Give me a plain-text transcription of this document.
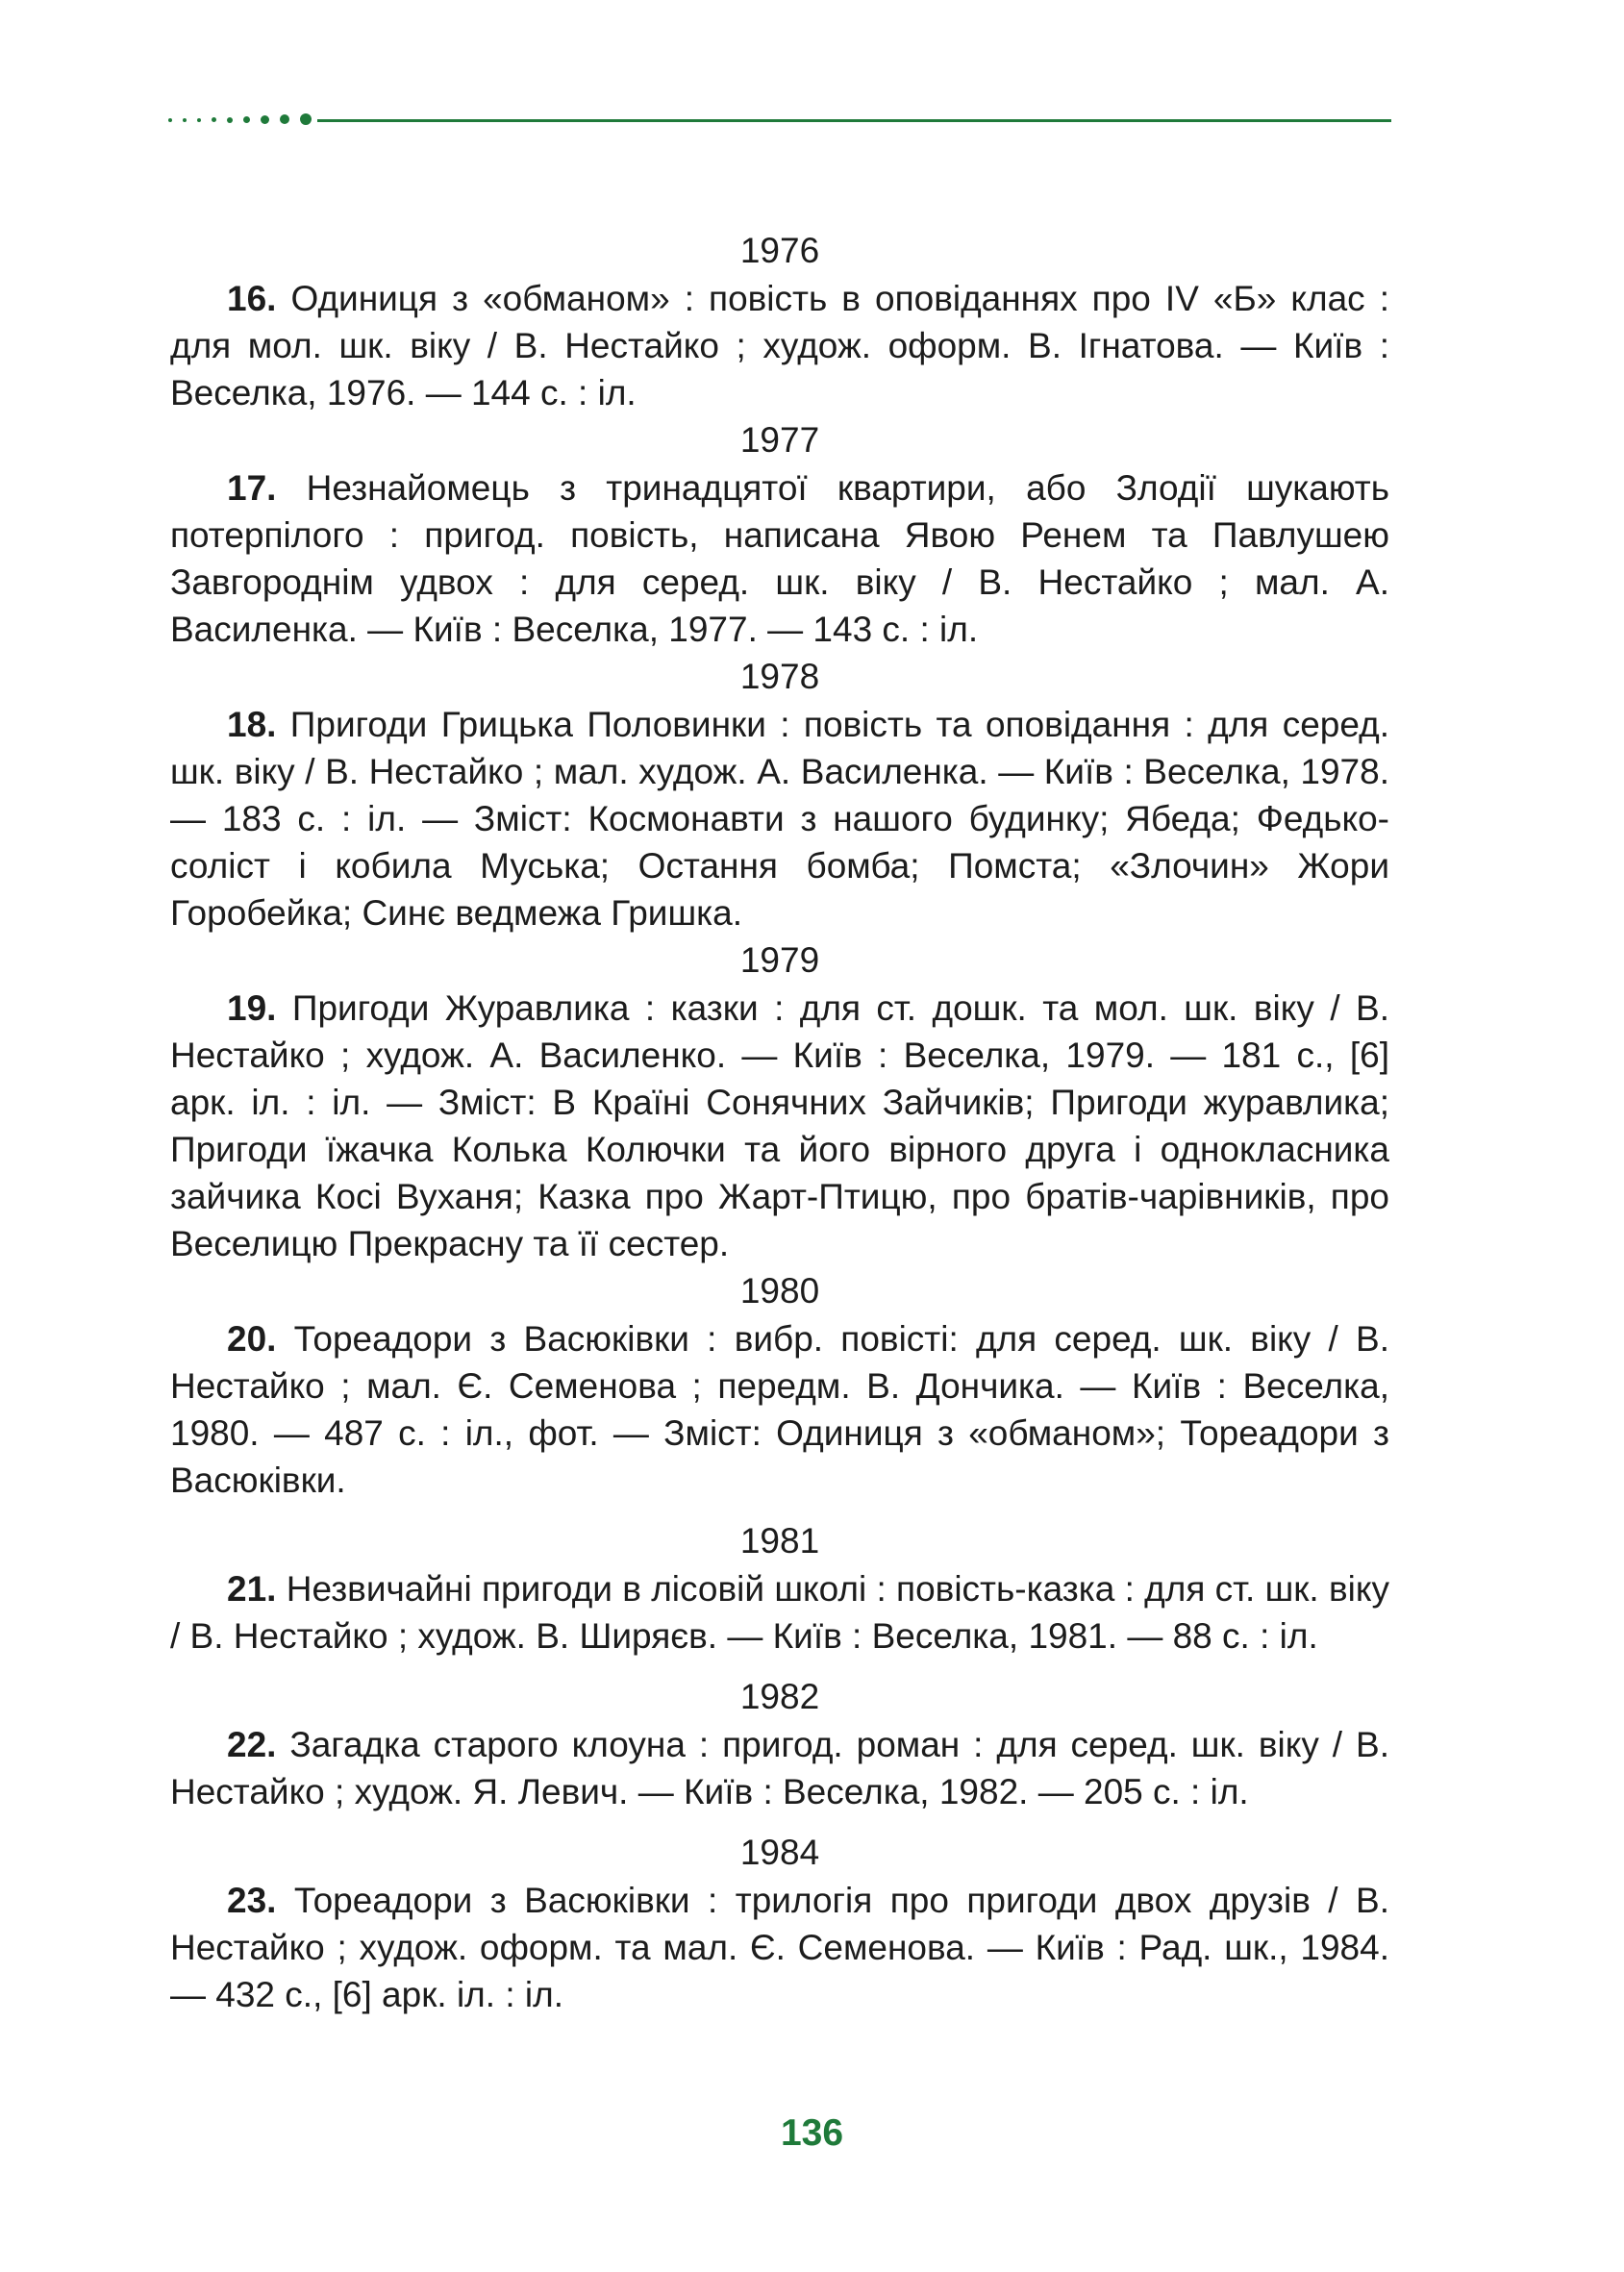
1976

16. Одиниця з «обманом» : повість в оповіданнях про IV «Б» клас : для мол. шк. віку / В. Нестайко ; худож. оформ. В. Ігнатова. — Київ : Веселка, 1976. — 144 с. : іл.

1977

17. Незнайомець з тринадцятої квартири, або Злодії шукають потерпілого : пригод. повість, написана Явою Ренем та Павлушею Завгороднім удвох : для серед. шк. віку / В. Нестайко ; мал. А. Василенка. — Київ : Веселка, 1977. — 143 с. : іл.

1978

18. Пригоди Грицька Половинки : повість та оповідання : для серед. шк. віку / В. Нестайко ; мал. худож. А. Василенка. — Київ : Веселка, 1978. — 183 с. : іл. — Зміст: Космонавти з нашого будинку; Ябеда; Федько-соліст і кобила Муська; Остання бомба; Помста; «Злочин» Жори Горобейка; Синє ведмежа Гришка.

1979

19. Пригоди Журавлика : казки : для ст. дошк. та мол. шк. віку / В. Нестайко ; худож. А. Василенко. — Київ : Веселка, 1979. — 181 с., [6] арк. іл. : іл. — Зміст: В Країні Сонячних Зайчиків; Пригоди журавлика; Пригоди їжачка Колька Колючки та його вірного друга і однокласника зайчика Косі Вуханя; Казка про Жарт-Птицю, про братів-чарівників, про Веселицю Прекрасну та її сестер.

1980

20. Тореадори з Васюківки : вибр. повісті: для серед. шк. віку / В. Нестайко ; мал. Є. Семенова ; передм. В. Дончика. — Київ : Веселка, 1980. — 487 с. : іл., фот. — Зміст: Одиниця з «обманом»; Тореадори з Васюківки.

1981

21. Незвичайні пригоди в лісовій школі : повість-казка : для ст. шк. віку / В. Нестайко ; худож. В. Ширяєв. — Київ : Веселка, 1981. — 88 с. : іл.

1982

22. Загадка старого клоуна : пригод. роман : для серед. шк. віку / В. Нестайко ; худож. Я. Левич. — Київ : Веселка, 1982. — 205 с. : іл.

1984

23. Тореадори з Васюківки : трилогія про пригоди двох друзів / В. Нестайко ; худож. оформ. та мал. Є. Семенова. — Київ : Рад. шк., 1984. — 432 с., [6] арк. іл. : іл.

136
